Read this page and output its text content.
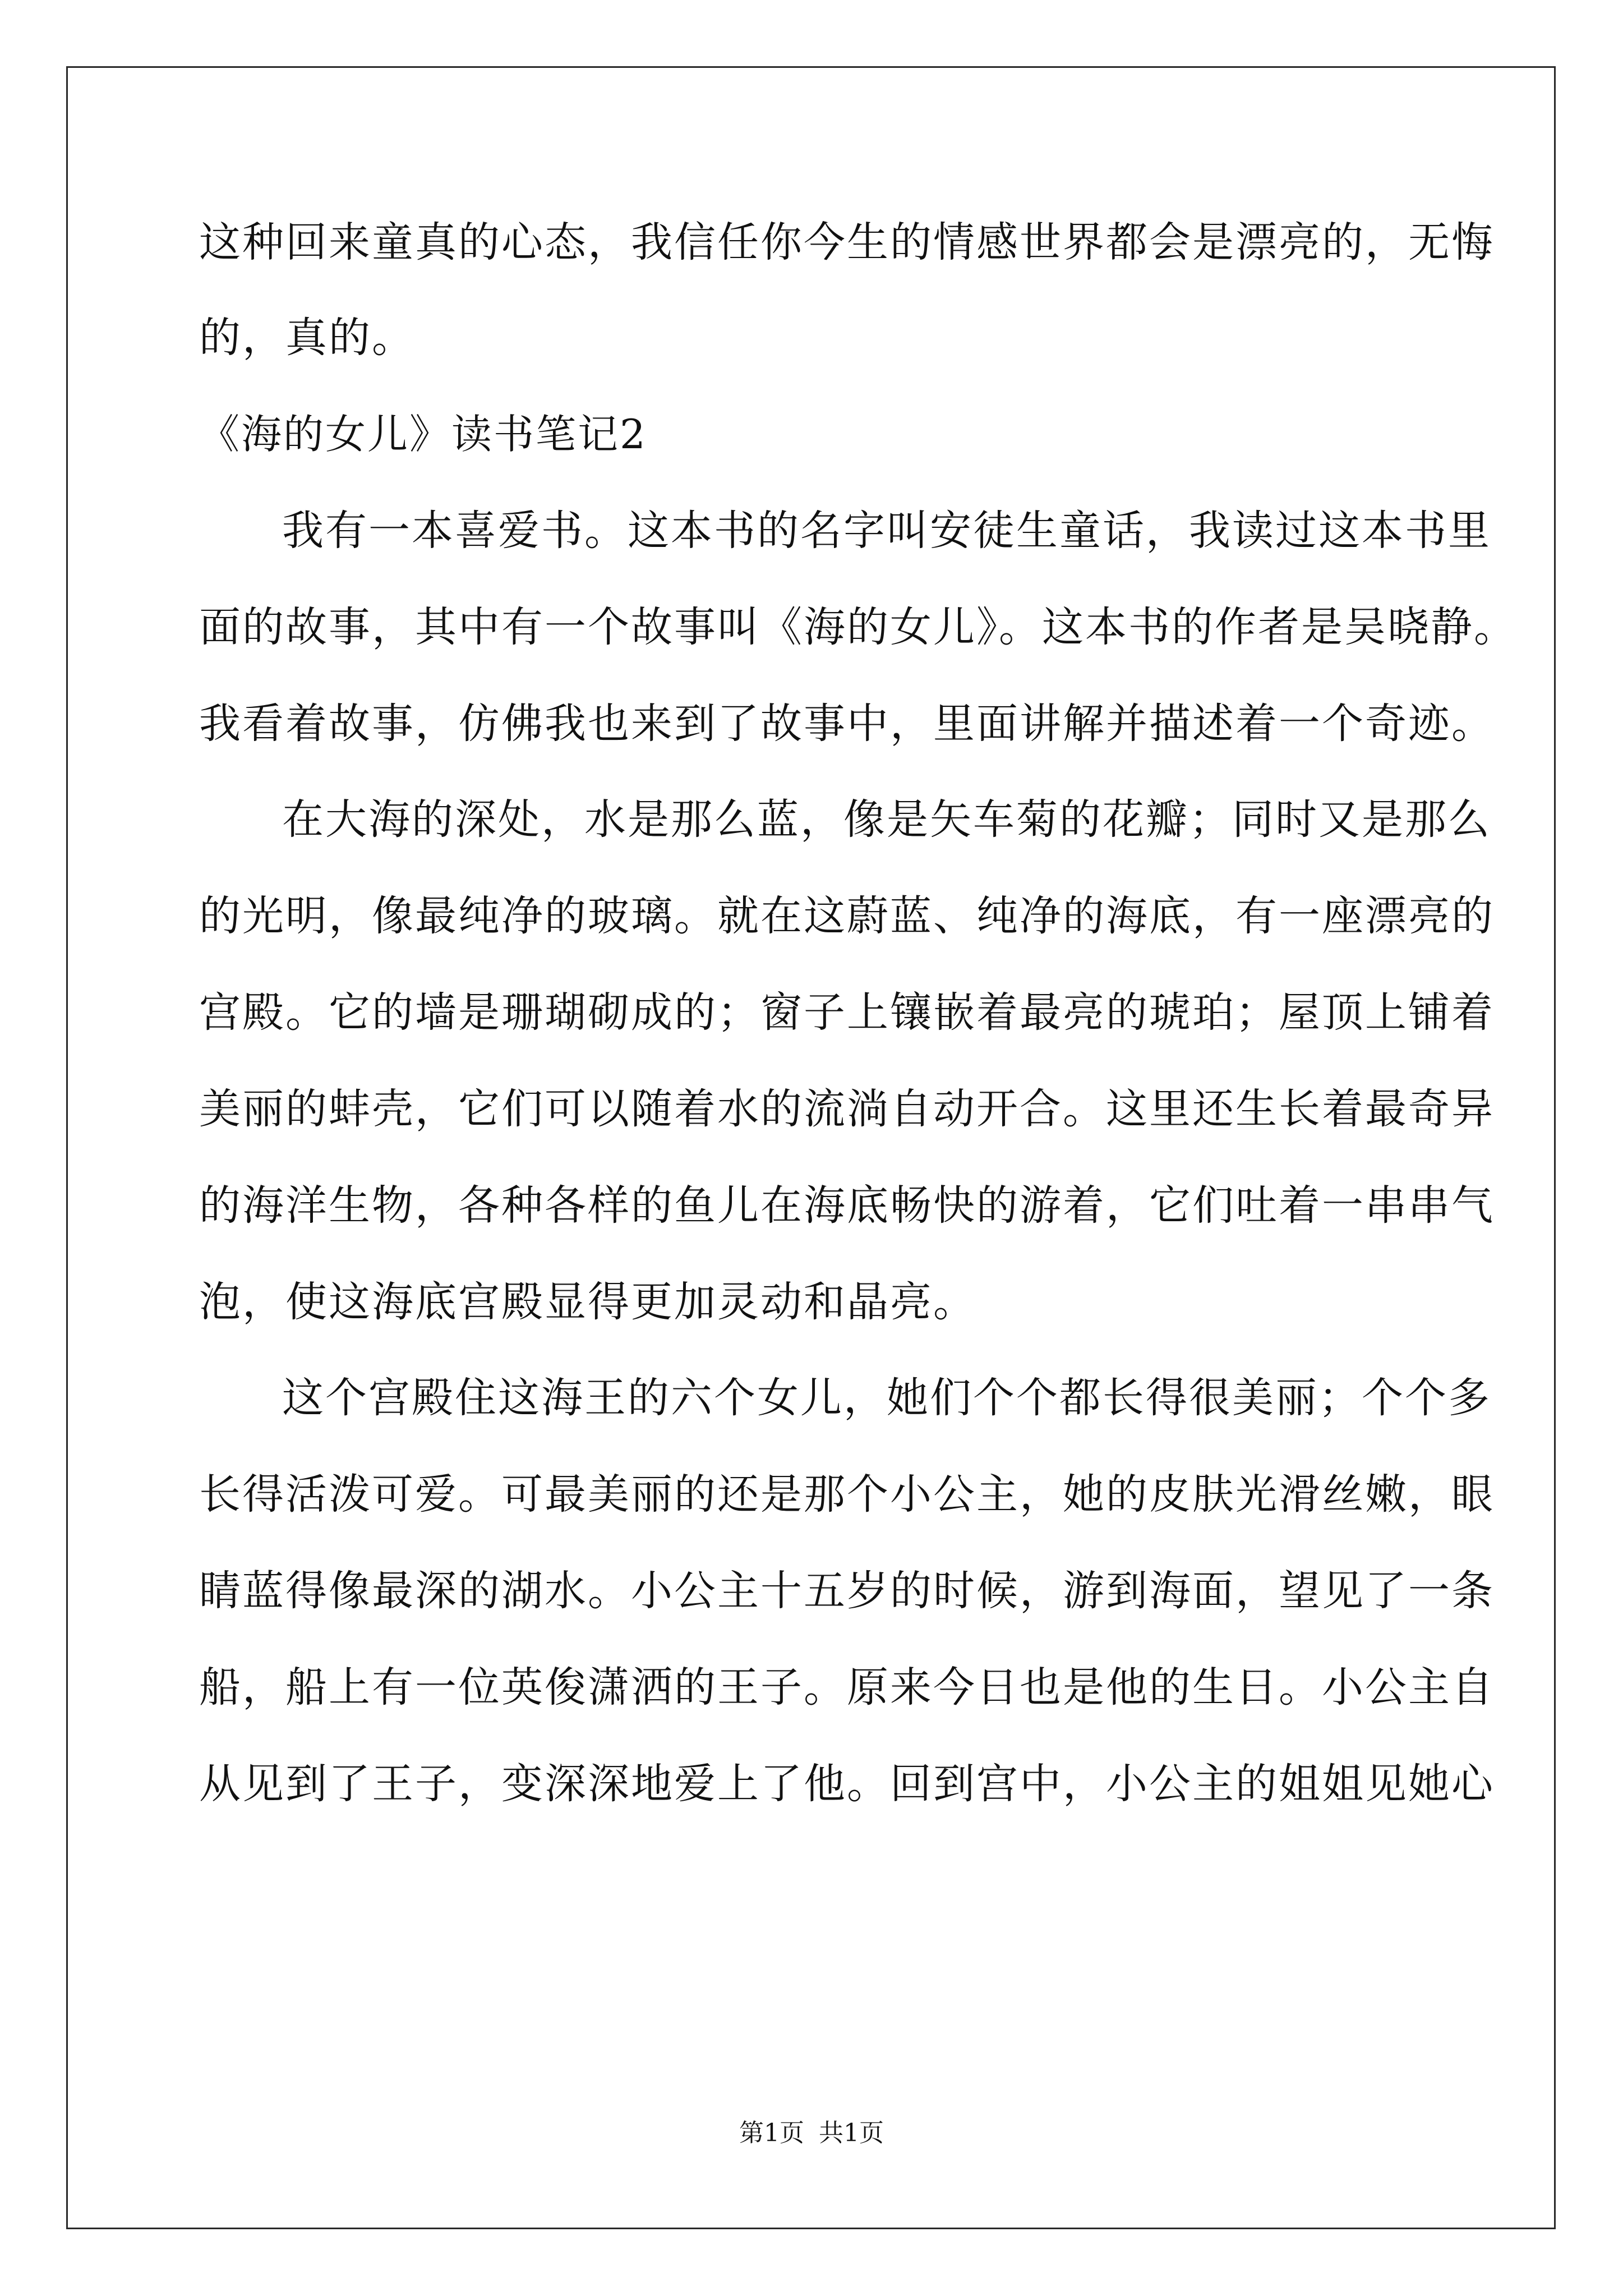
这种回来童真的心态，我信任你今生的情感世界都会是漂亮的，无悔
的，真的。
《海的女儿》读书笔记2
我有一本喜爱书。这本书的名字叫安徒生童话，我读过这本书里
面的故事，其中有一个故事叫《海的女儿》。这本书的作者是吴晓静。
我看着故事，仿佛我也来到了故事中，里面讲解并描述着一个奇迹。
在大海的深处，水是那么蓝，像是矢车菊的花瓣；同时又是那么
的光明，像最纯净的玻璃。就在这蔚蓝、纯净的海底，有一座漂亮的
宫殿。它的墙是珊瑚砌成的；窗子上镶嵌着最亮的琥珀；屋顶上铺着
美丽的蚌壳，它们可以随着水的流淌自动开合。这里还生长着最奇异
的海洋生物，各种各样的鱼儿在海底畅快的游着，它们吐着一串串气
泡，使这海底宫殿显得更加灵动和晶亮。
这个宫殿住这海王的六个女儿，她们个个都长得很美丽；个个多
长得活泼可爱。可最美丽的还是那个小公主，她的皮肤光滑丝嫩，眼
睛蓝得像最深的湖水。小公主十五岁的时候，游到海面，望见了一条
船，船上有一位英俊潇洒的王子。原来今日也是他的生日。小公主自
从见到了王子，变深深地爱上了他。回到宫中，小公主的姐姐见她心
第1页 共1页
